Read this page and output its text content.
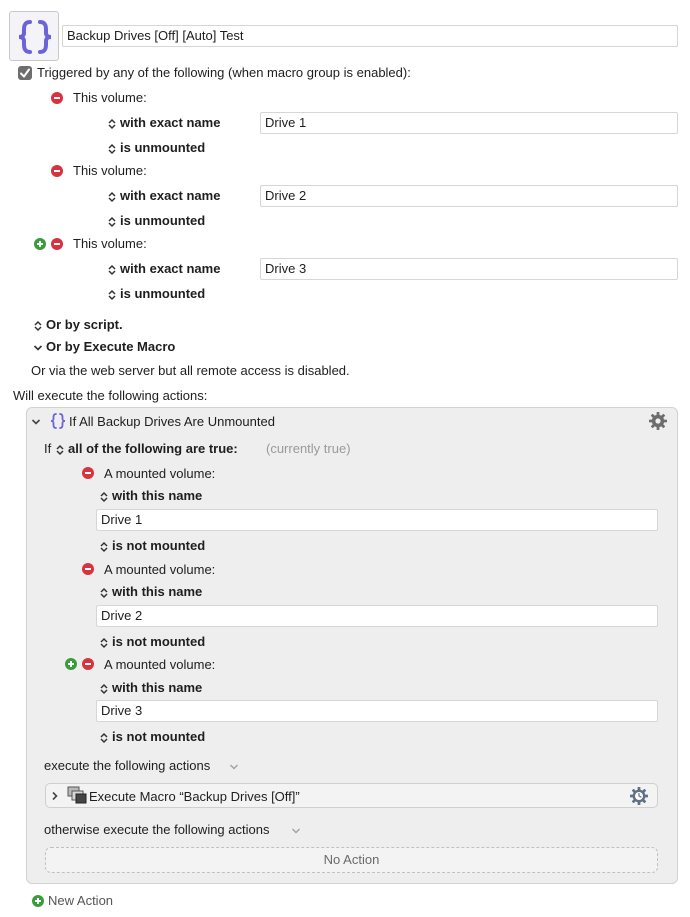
Backup Drives [Off] [Auto] Test
Triggered by any of the following (when macro group is enabled):
This volume:
with exact name	Drive 1
is unmounted
This volume:
with exact name	Drive 2
is unmounted
This volume:
with exact name	Drive 3
is unmounted
Or by script.
Or by Execute Macro
Or via the web server but all remote access is disabled.
Will execute the following actions:
If All Backup Drives Are Unmounted
If	all of the following are true: (currently true)
A mounted volume:
with this name
Drive 1
is not mounted
A mounted volume:
with this name
Drive 2
is not mounted
A mounted volume:
with this name
Drive 3
is not mounted
execute the following actions
Execute Macro “Backup Drives [Off]”
otherwise execute the following actions
No Action
New Action
